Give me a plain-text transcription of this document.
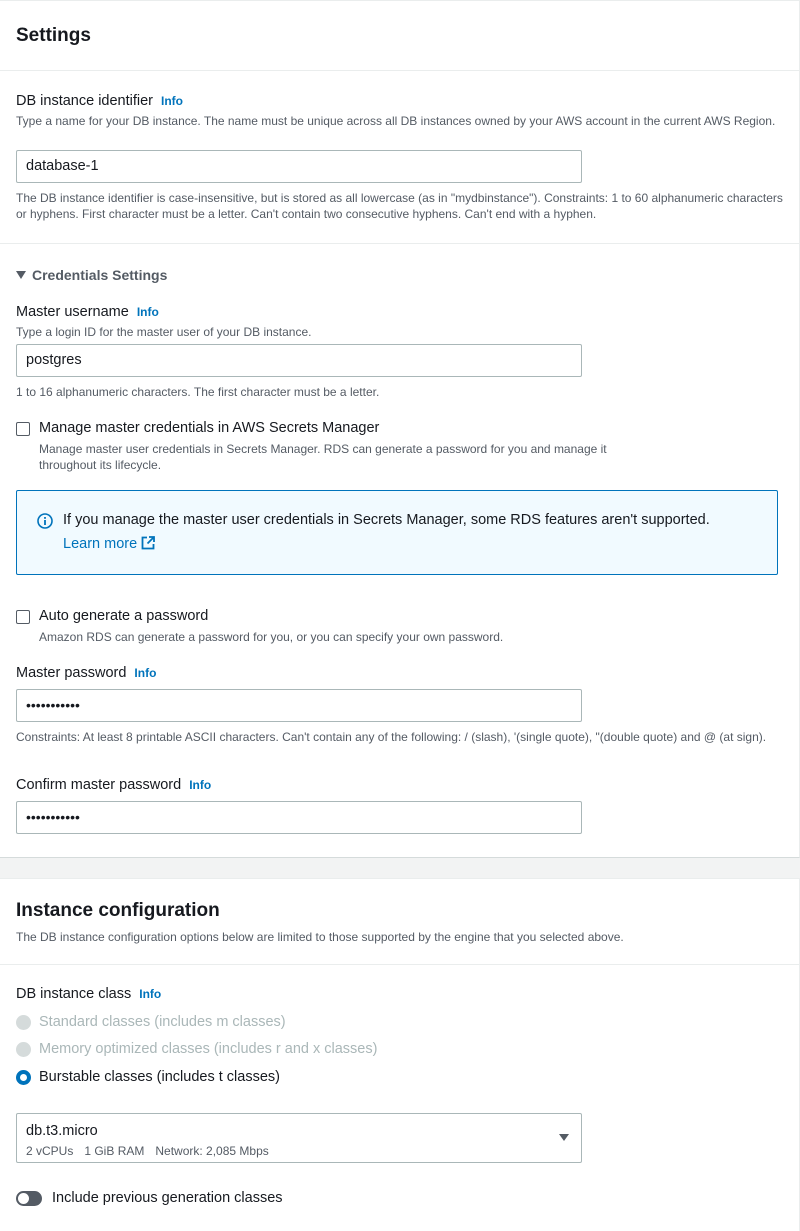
Settings
DB instance identifier Info
Type a name for your DB instance. The name must be unique across all DB instances owned by your AWS account in the current AWS Region.
database-1
The DB instance identifier is case-insensitive, but is stored as all lowercase (as in "mydbinstance"). Constraints: 1 to 60 alphanumeric characters or hyphens. First character must be a letter. Can't contain two consecutive hyphens. Can't end with a hyphen.
Credentials Settings
Master username Info
Type a login ID for the master user of your DB instance.
postgres
1 to 16 alphanumeric characters. The first character must be a letter.
Manage master credentials in AWS Secrets Manager
Manage master user credentials in Secrets Manager. RDS can generate a password for you and manage it throughout its lifecycle.
If you manage the master user credentials in Secrets Manager, some RDS features aren't supported.
Learn more
Auto generate a password
Amazon RDS can generate a password for you, or you can specify your own password.
Master password Info
•••••••••••
Constraints: At least 8 printable ASCII characters. Can't contain any of the following: / (slash), '(single quote), "(double quote) and @ (at sign).
Confirm master password Info
•••••••••••
Instance configuration
The DB instance configuration options below are limited to those supported by the engine that you selected above.
DB instance class Info
Standard classes (includes m classes)
Memory optimized classes (includes r and x classes)
Burstable classes (includes t classes)
db.t3.micro
2 vCPUs 1 GiB RAM Network: 2,085 Mbps
Include previous generation classes
